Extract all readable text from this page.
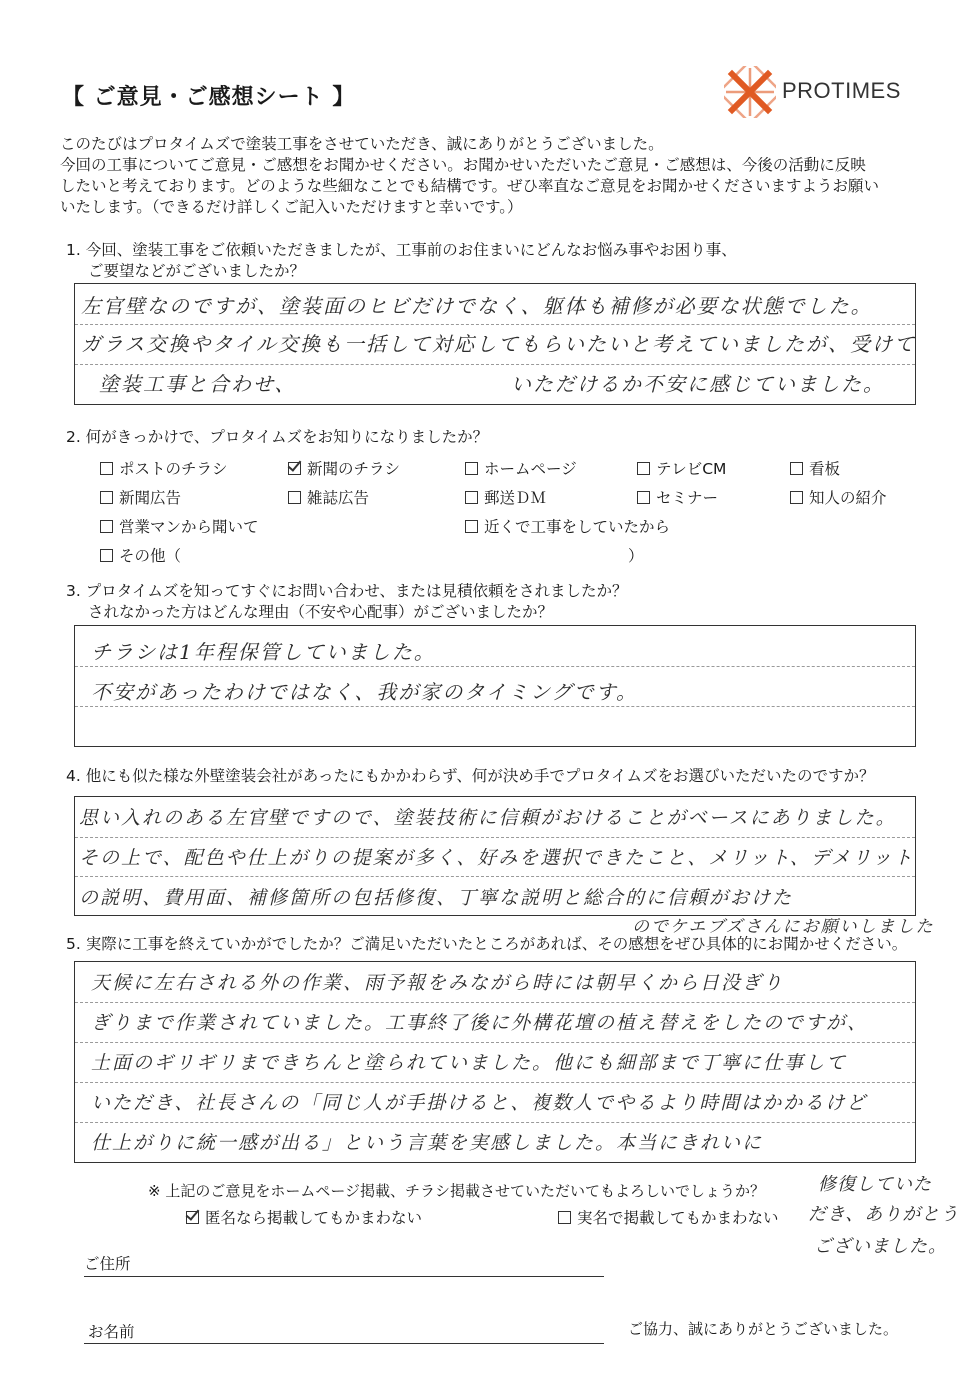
【 ご意見・ご感想シート 】	PROTIMES
このたびはプロタイムズで塗装工事をさせていただき、誠にありがとうございました。
今回の工事についてご意見・ご感想をお聞かせください。お聞かせいただいたご意見・ご感想は、今後の活動に反映
したいと考えております。どのような些細なことでも結構です。ぜひ率直なご意見をお聞かせくださいますようお願い
いたします。（できるだけ詳しくご記入いただけますと幸いです。）
1. 今回、塗装工事をご依頼いただきましたが、工事前のお住まいにどんなお悩み事やお困り事、
ご要望などがございましたか？
左官壁なのですが、塗装面のヒビだけでなく、躯体も補修が必要な状態でした。
ガラス交換やタイル交換も一括して対応してもらいたいと考えていましたが、受けて
塗装工事と合わせ、	いただけるか不安に感じていました。
2. 何がきっかけで、プロタイムズをお知りになりましたか？
ポストのチラシ	新聞のチラシ	ホームページ	テレビCM	看板
新聞広告	雑誌広告	郵送ＤＭ	セミナー	知人の紹介
営業マンから聞いて	近くで工事をしていたから
その他（	）
3. プロタイムズを知ってすぐにお問い合わせ、または見積依頼をされましたか？
されなかった方はどんな理由（不安や心配事）がございましたか？
チラシは1年程保管していました。
不安があったわけではなく、我が家のタイミングです。
4. 他にも似た様な外壁塗装会社があったにもかかわらず、何が決め手でプロタイムズをお選びいただいたのですか？
思い入れのある左官壁ですので、塗装技術に信頼がおけることがベースにありました。
その上で、配色や仕上がりの提案が多く、好みを選択できたこと、メリット、デメリット
の説明、費用面、補修箇所の包括修復、丁寧な説明と総合的に信頼がおけた
のでケエブズさんにお願いしました
5. 実際に工事を終えていかがでしたか？ご満足いただいたところがあれば、その感想をぜひ具体的にお聞かせください。
天候に左右される外の作業、雨予報をみながら時には朝早くから日没ぎり
ぎりまで作業されていました。工事終了後に外構花壇の植え替えをしたのですが、
土面のギリギリまできちんと塗られていました。他にも細部まで丁寧に仕事して
いただき、社長さんの「同じ人が手掛けると、複数人でやるより時間はかかるけど
仕上がりに統一感が出る」という言葉を実感しました。本当にきれいに
※ 上記のご意見をホームページ掲載、チラシ掲載させていただいてもよろしいでしょうか？
匿名なら掲載してもかまわない	実名で掲載してもかまわない
修復していた
だき、ありがとう
ございました。
ご住所
お名前	ご協力、誠にありがとうございました。
